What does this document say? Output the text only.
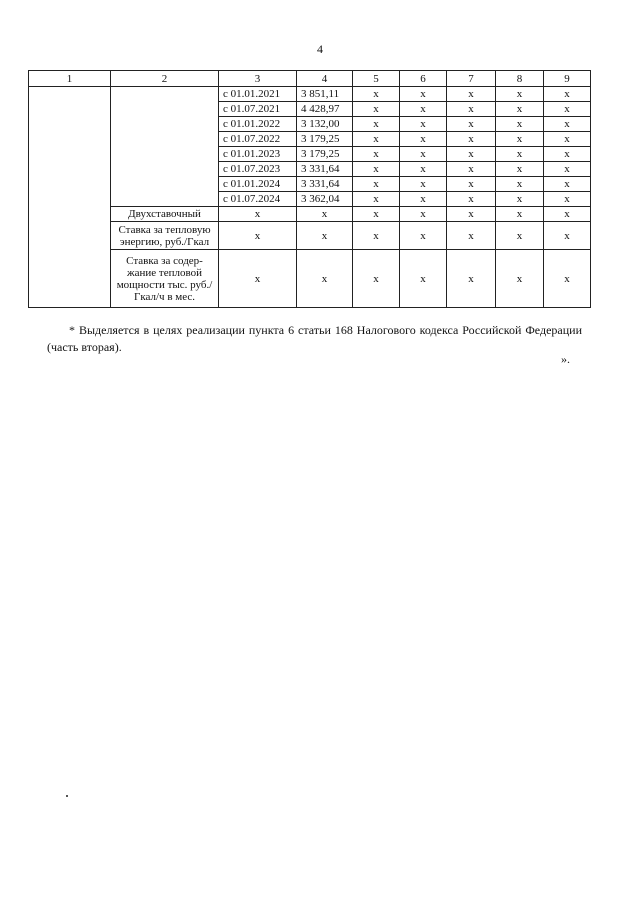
4
1	2	3	4	5	6	7	8	9
		с 01.01.2021	3 851,11	x	x	x	x	x
		с 01.07.2021	4 428,97	x	x	x	x	x
		с 01.01.2022	3 132,00	x	x	x	x	x
		с 01.07.2022	3 179,25	x	x	x	x	x
		с 01.01.2023	3 179,25	x	x	x	x	x
		с 01.07.2023	3 331,64	x	x	x	x	x
		с 01.01.2024	3 331,64	x	x	x	x	x
		с 01.07.2024	3 362,04	x	x	x	x	x
	Двухставочный	x	x	x	x	x	x	x
	Ставка за тепловую энергию, руб./Гкал	x	x	x	x	x	x	x
	Ставка за содер-жание тепловой мощности тыс. руб./Гкал/ч в мес.	x	x	x	x	x	x	x
* Выделяется в целях реализации пункта 6 статьи 168 Налогового кодекса Российской Федерации (часть вторая).
».
